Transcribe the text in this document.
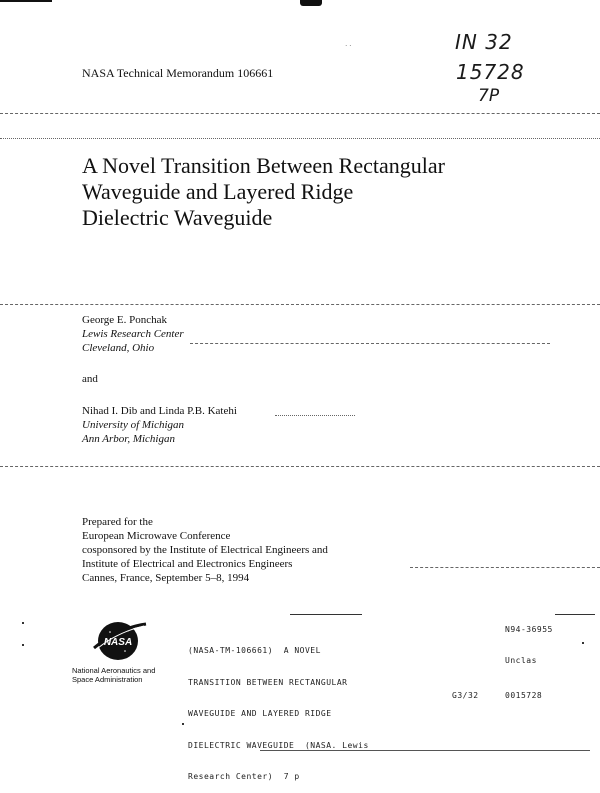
NASA Technical Memorandum 106661
IN 32
15728
7P
· ·
A Novel Transition Between Rectangular
Waveguide and Layered Ridge
Dielectric Waveguide
George E. Ponchak
Lewis Research Center
Cleveland, Ohio
and
Nihad I. Dib and Linda P.B. Katehi
University of Michigan
Ann Arbor, Michigan
Prepared for the
European Microwave Conference
cosponsored by the Institute of Electrical Engineers and
Institute of Electrical and Electronics Engineers
Cannes, France, September 5–8, 1994
NASA
National Aeronautics and
Space Administration

(NASA-TM-106661)  A NOVEL

TRANSITION BETWEEN RECTANGULAR

WAVEGUIDE AND LAYERED RIDGE

DIELECTRIC WAVEGUIDE  (NASA. Lewis

Research Center)  7 p

N94-36955
Unclas
G3/32	0015728
